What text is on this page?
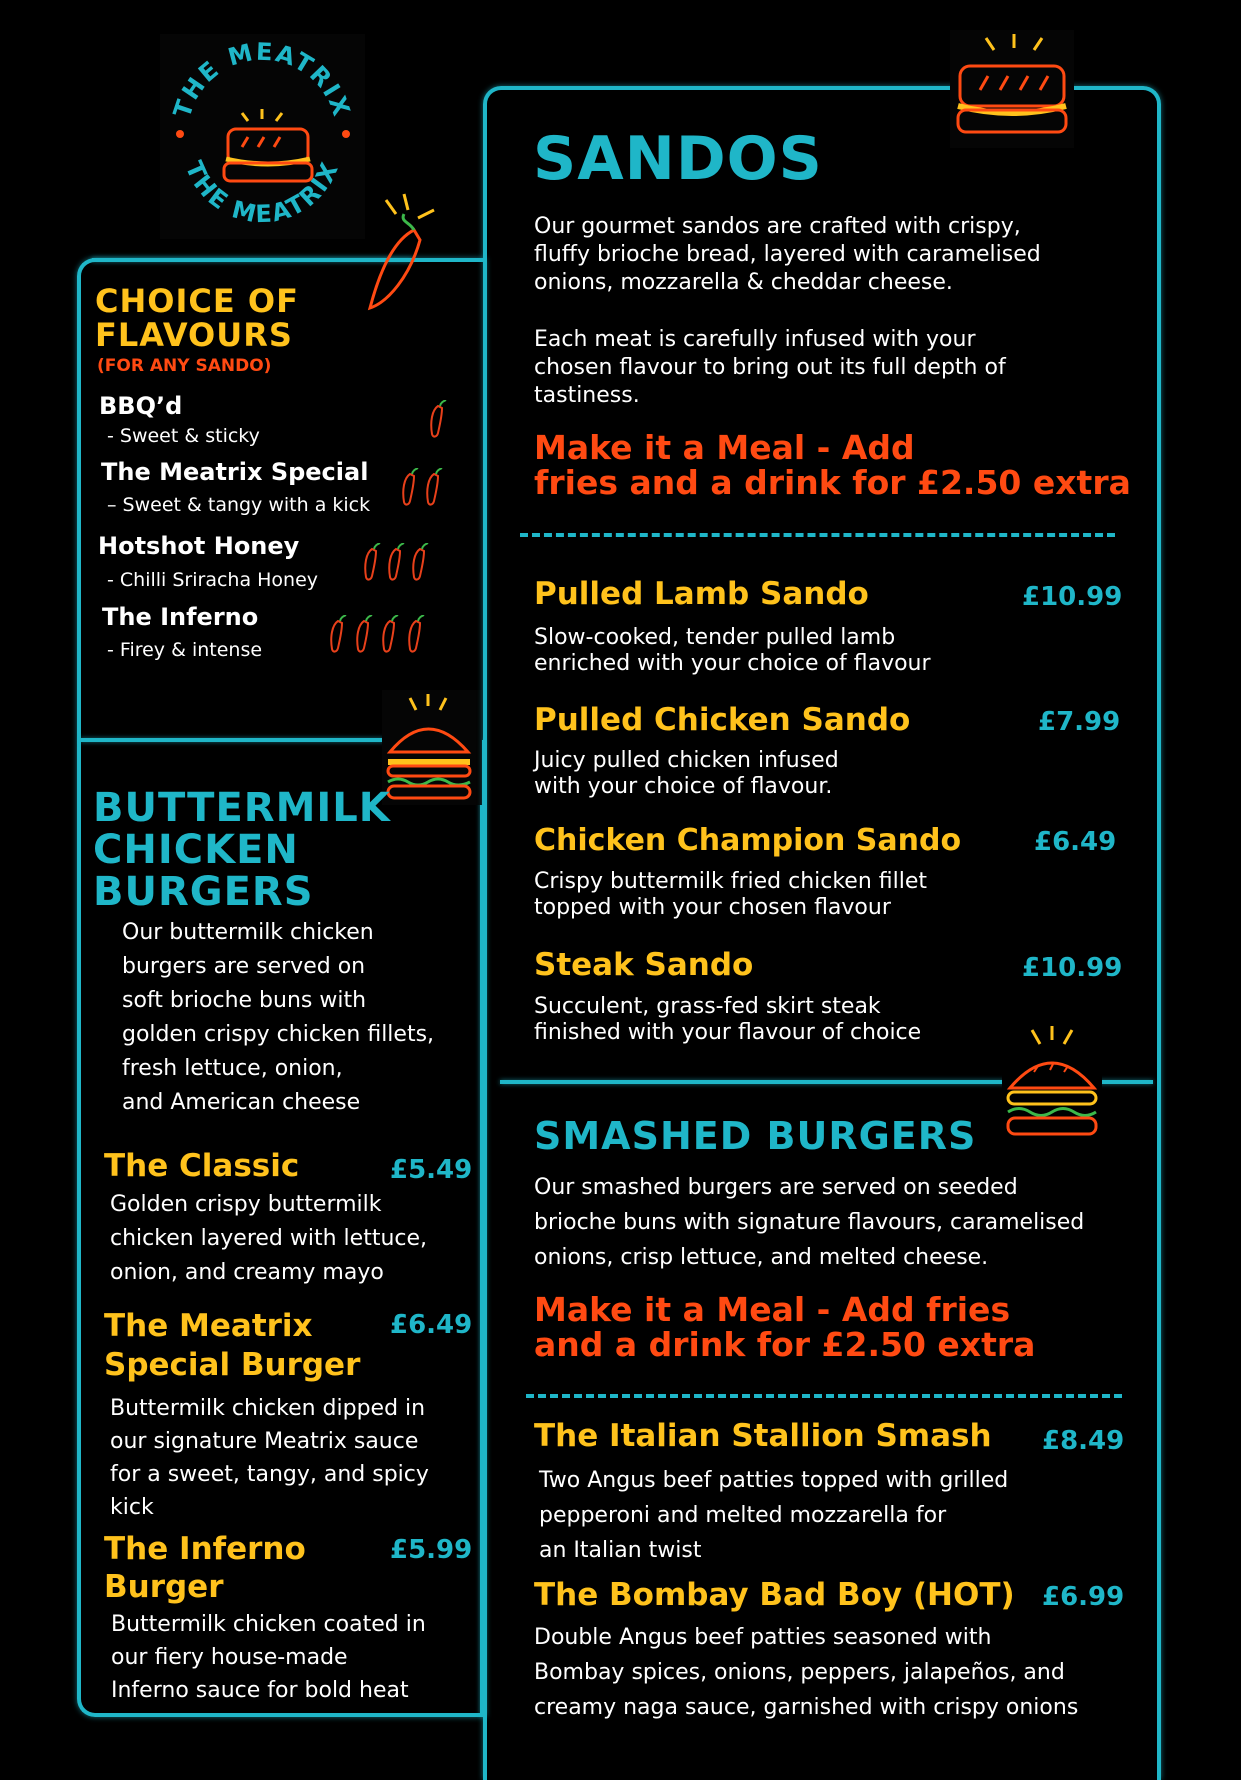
THE MEATRIX
THE MEATRIX
CHOICE OF
FLAVOURS
(FOR ANY SANDO)
BBQ’d
- Sweet & sticky
The Meatrix Special
– Sweet & tangy with a kick
Hotshot Honey
- Chilli Sriracha Honey
The Inferno
- Firey & intense
BUTTERMILK
CHICKEN
BURGERS
Our buttermilk chicken
burgers are served on
soft brioche buns with
golden crispy chicken fillets,
fresh lettuce, onion,
and American cheese
The Classic	£5.49
Golden crispy buttermilk
chicken layered with lettuce,
onion, and creamy mayo
The Meatrix
Special Burger
£6.49
Buttermilk chicken dipped in
our signature Meatrix sauce
for a sweet, tangy, and spicy
kick
The Inferno
Burger
£5.99
Buttermilk chicken coated in
our fiery house-made
Inferno sauce for bold heat
SANDOS
Our gourmet sandos are crafted with crispy,
fluffy brioche bread, layered with caramelised
onions, mozzarella & cheddar cheese.
Each meat is carefully infused with your
chosen flavour to bring out its full depth of
tastiness.
Make it a Meal - Add
fries and a drink for £2.50 extra
Pulled Lamb Sando	£10.99
Slow-cooked, tender pulled lamb
enriched with your choice of flavour
Pulled Chicken Sando	£7.99
Juicy pulled chicken infused
with your choice of flavour.
Chicken Champion Sando	£6.49
Crispy buttermilk fried chicken fillet
topped with your chosen flavour
Steak Sando	£10.99
Succulent, grass-fed skirt steak
finished with your flavour of choice
SMASHED BURGERS
Our smashed burgers are served on seeded
brioche buns with signature flavours, caramelised
onions, crisp lettuce, and melted cheese.
Make it a Meal - Add fries
and a drink for £2.50 extra
The Italian Stallion Smash £8.49
Two Angus beef patties topped with grilled
pepperoni and melted mozzarella for
an Italian twist
The Bombay Bad Boy (HOT) £6.99
Double Angus beef patties seasoned with
Bombay spices, onions, peppers, jalapeños, and
creamy naga sauce, garnished with crispy onions
